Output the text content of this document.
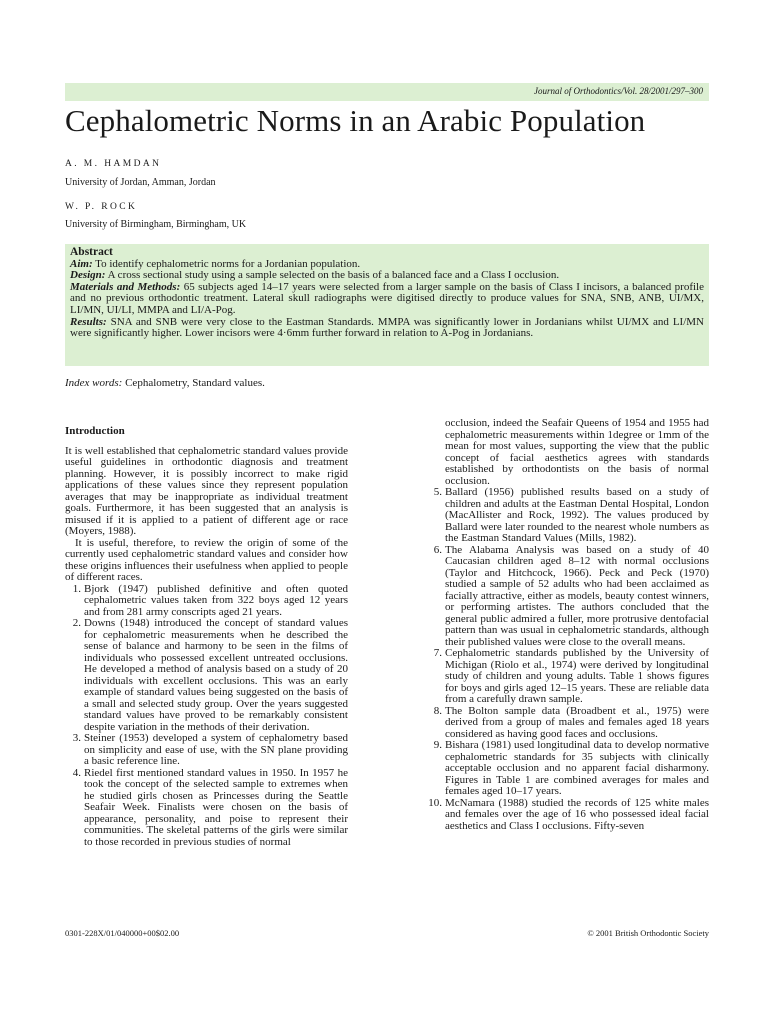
Journal of Orthodontics/Vol. 28/2001/297–300
Cephalometric Norms in an Arabic Population
A. M. HAMDAN
University of Jordan, Amman, Jordan
W. P. ROCK
University of Birmingham, Birmingham, UK

Abstract

Aim: To identify cephalometric norms for a Jordanian population.

Design: A cross sectional study using a sample selected on the basis of a balanced face and a Class I occlusion.

Materials and Methods: 65 subjects aged 14–17 years were selected from a larger sample on the basis of Class I incisors, a balanced profile and no previous orthodontic treatment. Lateral skull radiographs were digitised directly to produce values for SNA, SNB, ANB, UI/MX, LI/MN, UI/LI, MMPA and LI/A-Pog.

Results: SNA and SNB were very close to the Eastman Standards. MMPA was significantly lower in Jordanians whilst UI/MX and LI/MN were significantly higher. Lower incisors were 4·6mm further forward in relation to A-Pog in Jordanians.

Index words: Cephalometry, Standard values.
Introduction

It is well established that cephalometric standard values provide useful guidelines in orthodontic diagnosis and treatment planning. However, it is possibly incorrect to make rigid applications of these values since they represent population averages that may be inappropriate as individual treatment goals. Furthermore, it has been suggested that an analysis is misused if it is applied to a patient of different age or race (Moyers, 1988).

It is useful, therefore, to review the origin of some of the currently used cephalometric standard values and consider how these origins influences their usefulness when applied to people of different races.

1. Bjork (1947) published definitive and often quoted cephalometric values taken from 322 boys aged 12 years and from 281 army conscripts aged 21 years.
2. Downs (1948) introduced the concept of standard values for cephalometric measurements when he described the sense of balance and harmony to be seen in the films of individuals who possessed excellent untreated occlusions. He developed a method of analysis based on a study of 20 individuals with excellent occlusions. This was an early example of standard values being suggested on the basis of a small and selected study group. Over the years suggested standard values have proved to be remarkably consistent despite variation in the methods of their derivation.
3. Steiner (1953) developed a system of cephalometry based on simplicity and ease of use, with the SN plane providing a basic reference line.
4. Riedel first mentioned standard values in 1950. In 1957 he took the concept of the selected sample to extremes when he studied girls chosen as Princesses during the Seattle Seafair Week. Finalists were chosen on the basis of appearance, personality, and poise to represent their communities. The skeletal patterns of the girls were similar to those recorded in previous studies of normal

occlusion, indeed the Seafair Queens of 1954 and 1955 had cephalometric measurements within 1degree or 1mm of the mean for most values, supporting the view that the public concept of facial aesthetics agrees with standards established by orthodontists on the basis of normal occlusion.

5. Ballard (1956) published results based on a study of children and adults at the Eastman Dental Hospital, London (MacAllister and Rock, 1992). The values produced by Ballard were later rounded to the nearest whole numbers as the Eastman Standard Values (Mills, 1982).
6. The Alabama Analysis was based on a study of 40 Caucasian children aged 8–12 with normal occlusions (Taylor and Hitchcock, 1966). Peck and Peck (1970) studied a sample of 52 adults who had been acclaimed as facially attractive, either as models, beauty contest winners, or performing artistes. The authors concluded that the general public admired a fuller, more protrusive dentofacial pattern than was usual in cephalometric standards, although their published values were close to the overall means.
7. Cephalometric standards published by the University of Michigan (Riolo et al., 1974) were derived by longitudinal study of children and young adults. Table 1 shows figures for boys and girls aged 12–15 years. These are reliable data from a carefully drawn sample.
8. The Bolton sample data (Broadbent et al., 1975) were derived from a group of males and females aged 18 years considered as having good faces and occlusions.
9. Bishara (1981) used longitudinal data to develop normative cephalometric standards for 35 subjects with clinically acceptable occlusion and no apparent facial disharmony. Figures in Table 1 are combined averages for males and females aged 10–17 years.
10. McNamara (1988) studied the records of 125 white males and females over the age of 16 who possessed ideal facial aesthetics and Class I occlusions. Fifty-seven
0301-228X/01/040000+00$02.00	© 2001 British Orthodontic Society
